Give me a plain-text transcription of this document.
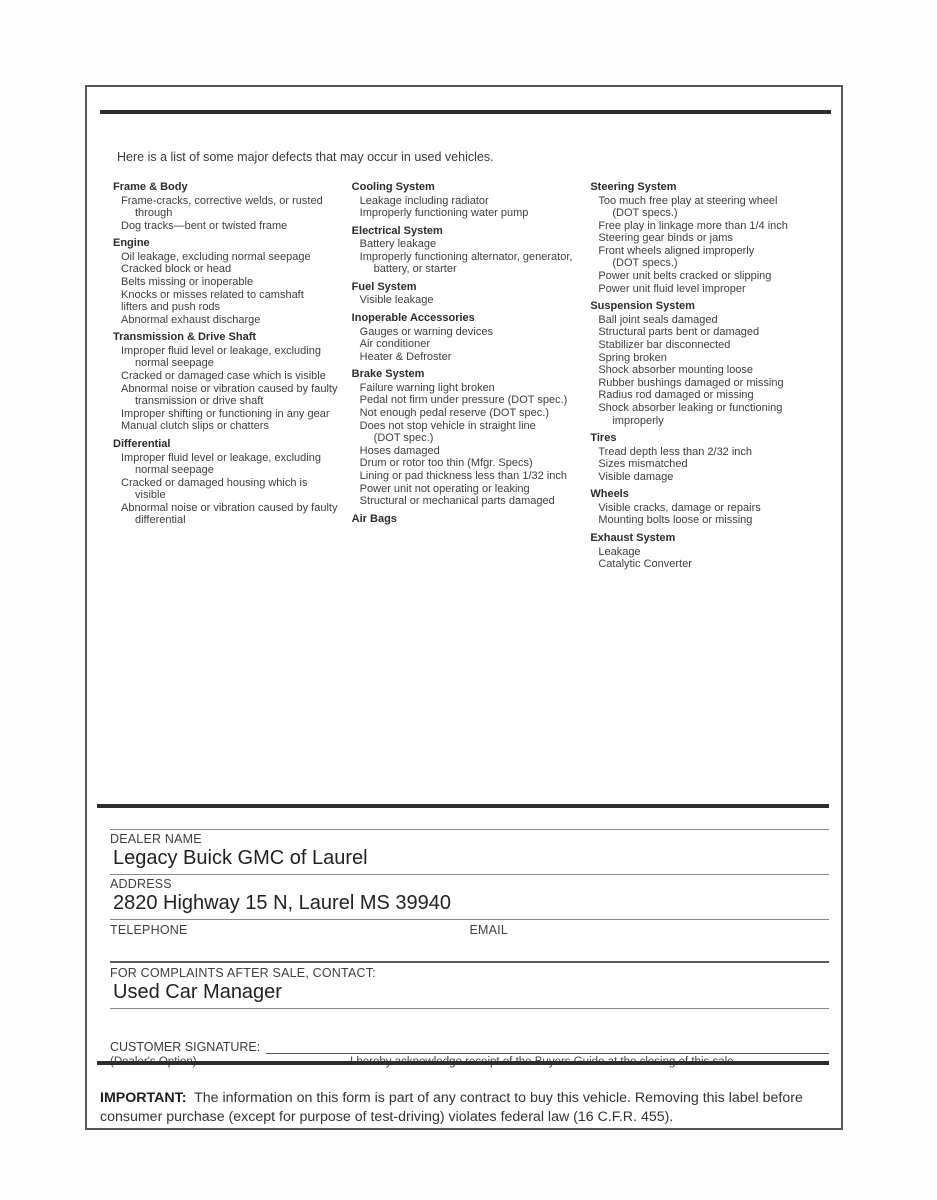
Here is a list of some major defects that may occur in used vehicles.

Frame & Body
Frame-cracks, corrective welds, or rusted
through
Dog tracks—bent or twisted frame
Engine
Oil leakage, excluding normal seepage
Cracked block or head
Belts missing or inoperable
Knocks or misses related to camshaft
lifters and push rods
Abnormal exhaust discharge
Transmission & Drive Shaft
Improper fluid level or leakage, excluding
normal seepage
Cracked or damaged case which is visible
Abnormal noise or vibration caused by faulty
transmission or drive shaft
Improper shifting or functioning in any gear
Manual clutch slips or chatters
Differential
Improper fluid level or leakage, excluding
normal seepage
Cracked or damaged housing which is
visible
Abnormal noise or vibration caused by faulty
differential
Cooling System
Leakage including radiator
Improperly functioning water pump
Electrical System
Battery leakage
Improperly functioning alternator, generator,
battery, or starter
Fuel System
Visible leakage
Inoperable Accessories
Gauges or warning devices
Air conditioner
Heater & Defroster
Brake System
Failure warning light broken
Pedal not firm under pressure (DOT spec.)
Not enough pedal reserve (DOT spec.)
Does not stop vehicle in straight line
(DOT spec.)
Hoses damaged
Drum or rotor too thin (Mfgr. Specs)
Lining or pad thickness less than 1/32 inch
Power unit not operating or leaking
Structural or mechanical parts damaged
Air Bags
Steering System
Too much free play at steering wheel
(DOT specs.)
Free play in linkage more than 1/4 inch
Steering gear binds or jams
Front wheels aligned improperly
(DOT specs.)
Power unit belts cracked or slipping
Power unit fluid level improper
Suspension System
Ball joint seals damaged
Structural parts bent or damaged
Stabilizer bar disconnected
Spring broken
Shock absorber mounting loose
Rubber bushings damaged or missing
Radius rod damaged or missing
Shock absorber leaking or functioning
improperly
Tires
Tread depth less than 2/32 inch
Sizes mismatched
Visible damage
Wheels
Visible cracks, damage or repairs
Mounting bolts loose or missing
Exhaust System
Leakage
Catalytic Converter
DEALER NAME
Legacy Buick GMC of Laurel
ADDRESS
2820 Highway 15 N, Laurel MS 39940
TELEPHONE	EMAIL
FOR COMPLAINTS AFTER SALE, CONTACT:
Used Car Manager
CUSTOMER SIGNATURE:

IMPORTANT: The information on this form is part of any contract to buy this vehicle. Removing this label before consumer purchase (except for purpose of test-driving) violates federal law (16 C.F.R. 455).
